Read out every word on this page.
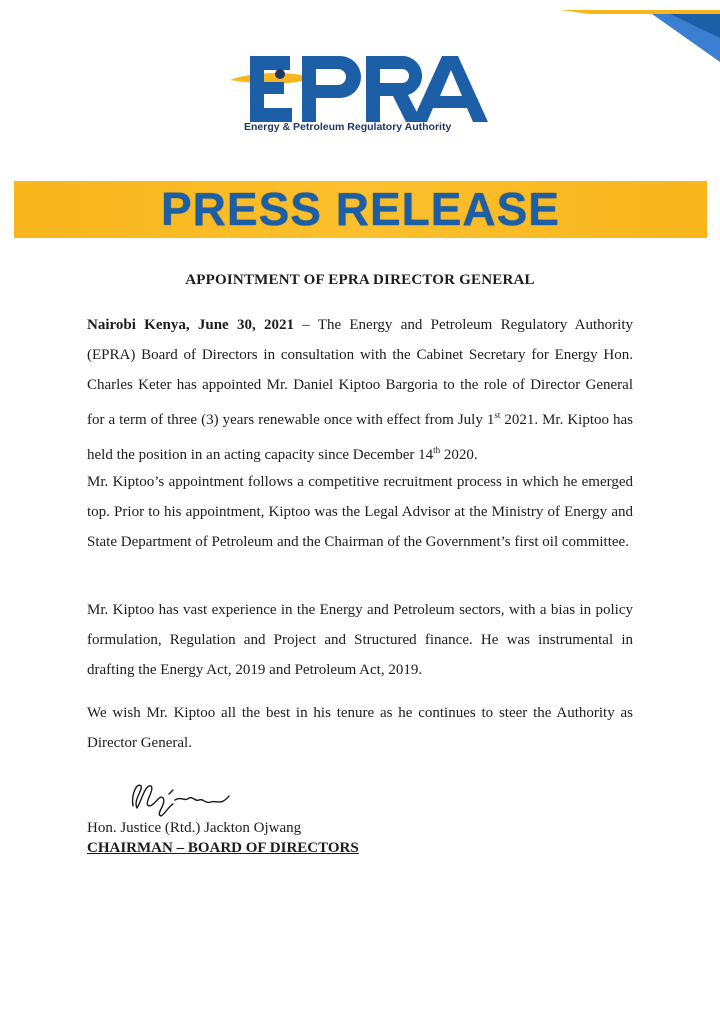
Energy & Petroleum Regulatory Authority
PRESS RELEASE
APPOINTMENT OF EPRA DIRECTOR GENERAL

Nairobi Kenya, June 30, 2021 – The Energy and Petroleum Regulatory Authority (EPRA) Board of Directors in consultation with the Cabinet Secretary for Energy Hon. Charles Keter has appointed Mr. Daniel Kiptoo Bargoria to the role of Director General for a term of three (3) years renewable once with effect from July 1st 2021. Mr. Kiptoo has held the position in an acting capacity since December 14th 2020.

Mr. Kiptoo’s appointment follows a competitive recruitment process in which he emerged top. Prior to his appointment, Kiptoo was the Legal Advisor at the Ministry of Energy and State Department of Petroleum and the Chairman of the Government’s first oil committee.

Mr. Kiptoo has vast experience in the Energy and Petroleum sectors, with a bias in policy formulation, Regulation and Project and Structured finance. He was instrumental in drafting the Energy Act, 2019 and Petroleum Act, 2019.

We wish Mr. Kiptoo all the best in his tenure as he continues to steer the Authority as Director General.

Hon. Justice (Rtd.) Jackton Ojwang
CHAIRMAN – BOARD OF DIRECTORS
